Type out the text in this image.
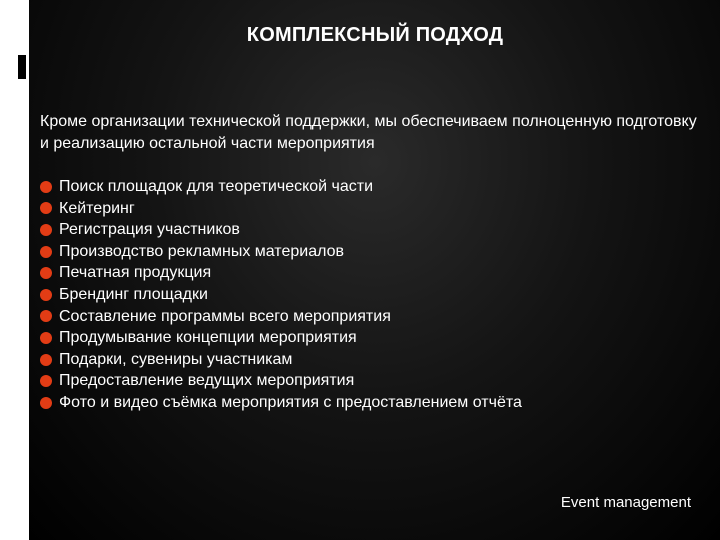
КОМПЛЕКСНЫЙ ПОДХОД

Кроме организации технической поддержки, мы обеспечиваем полноценную подготовку и реализацию остальной части мероприятия

Поиск площадок для теоретической части
Кейтеринг
Регистрация участников
Производство рекламных материалов
Печатная продукция
Брендинг площадки
Составление программы всего мероприятия
Продумывание концепции мероприятия
Подарки, сувениры участникам
Предоставление ведущих мероприятия
Фото и видео съёмка мероприятия с предоставлением отчёта
Event management
